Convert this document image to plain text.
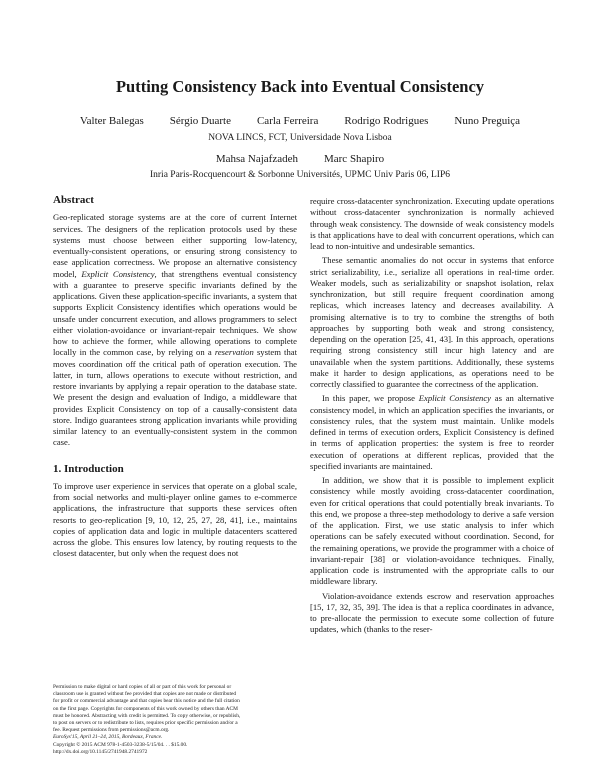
Putting Consistency Back into Eventual Consistency
Valter Balegas Sérgio Duarte Carla Ferreira Rodrigo Rodrigues Nuno Preguiça
NOVA LINCS, FCT, Universidade Nova Lisboa
Mahsa Najafzadeh Marc Shapiro
Inria Paris-Rocquencourt & Sorbonne Universités, UPMC Univ Paris 06, LIP6
Abstract

Geo-replicated storage systems are at the core of current Internet services. The designers of the replication protocols used by these systems must choose between either supporting low-latency, eventually-consistent operations, or ensuring strong consistency to ease application correctness. We propose an alternative consistency model, Explicit Consistency, that strengthens eventual consistency with a guarantee to preserve specific invariants defined by the applications. Given these application-specific invariants, a system that supports Explicit Consistency identifies which operations would be unsafe under concurrent execution, and allows programmers to select either violation-avoidance or invariant-repair techniques. We show how to achieve the former, while allowing operations to complete locally in the common case, by relying on a reservation system that moves coordination off the critical path of operation execution. The latter, in turn, allows operations to execute without restriction, and restore invariants by applying a repair operation to the database state. We present the design and evaluation of Indigo, a middleware that provides Explicit Consistency on top of a causally-consistent data store. Indigo guarantees strong application invariants while providing similar latency to an eventually-consistent system in the common case.

1. Introduction

To improve user experience in services that operate on a global scale, from social networks and multi-player online games to e-commerce applications, the infrastructure that supports these services often resorts to geo-replication [9, 10, 12, 25, 27, 28, 41], i.e., maintains copies of application data and logic in multiple datacenters scattered across the globe. This ensures low latency, by routing requests to the closest datacenter, but only when the request does not

Permission to make digital or hard copies of all or part of this work for personal or
classroom use is granted without fee provided that copies are not made or distributed
for profit or commercial advantage and that copies bear this notice and the full citation
on the first page. Copyrights for components of this work owned by others than ACM
must be honored. Abstracting with credit is permitted. To copy otherwise, or republish,
to post on servers or to redistribute to lists, requires prior specific permission and/or a
fee. Request permissions from permissions@acm.org.
EuroSys'15, April 21–24, 2015, Bordeaux, France.
Copyright © 2015 ACM 978-1-4503-3238-5/15/04. . . $15.00.
http://dx.doi.org/10.1145/2741948.2741972

require cross-datacenter synchronization. Executing update operations without cross-datacenter synchronization is normally achieved through weak consistency. The downside of weak consistency models is that applications have to deal with concurrent operations, which can lead to non-intuitive and undesirable semantics.

These semantic anomalies do not occur in systems that enforce strict serializability, i.e., serialize all operations in real-time order. Weaker models, such as serializability or snapshot isolation, relax synchronization, but still require frequent coordination among replicas, which increases latency and decreases availability. A promising alternative is to try to combine the strengths of both approaches by supporting both weak and strong consistency, depending on the operation [25, 41, 43]. In this approach, operations requiring strong consistency still incur high latency and are unavailable when the system partitions. Additionally, these systems make it harder to design applications, as operations need to be correctly classified to guarantee the correctness of the application.

In this paper, we propose Explicit Consistency as an alternative consistency model, in which an application specifies the invariants, or consistency rules, that the system must maintain. Unlike models defined in terms of execution orders, Explicit Consistency is defined in terms of application properties: the system is free to reorder execution of operations at different replicas, provided that the specified invariants are maintained.

In addition, we show that it is possible to implement explicit consistency while mostly avoiding cross-datacenter coordination, even for critical operations that could potentially break invariants. To this end, we propose a three-step methodology to derive a safe version of the application. First, we use static analysis to infer which operations can be safely executed without coordination. Second, for the remaining operations, we provide the programmer with a choice of invariant-repair [38] or violation-avoidance techniques. Finally, application code is instrumented with the appropriate calls to our middleware library.

Violation-avoidance extends escrow and reservation approaches [15, 17, 32, 35, 39]. The idea is that a replica coordinates in advance, to pre-allocate the permission to execute some collection of future updates, which (thanks to the reser-
